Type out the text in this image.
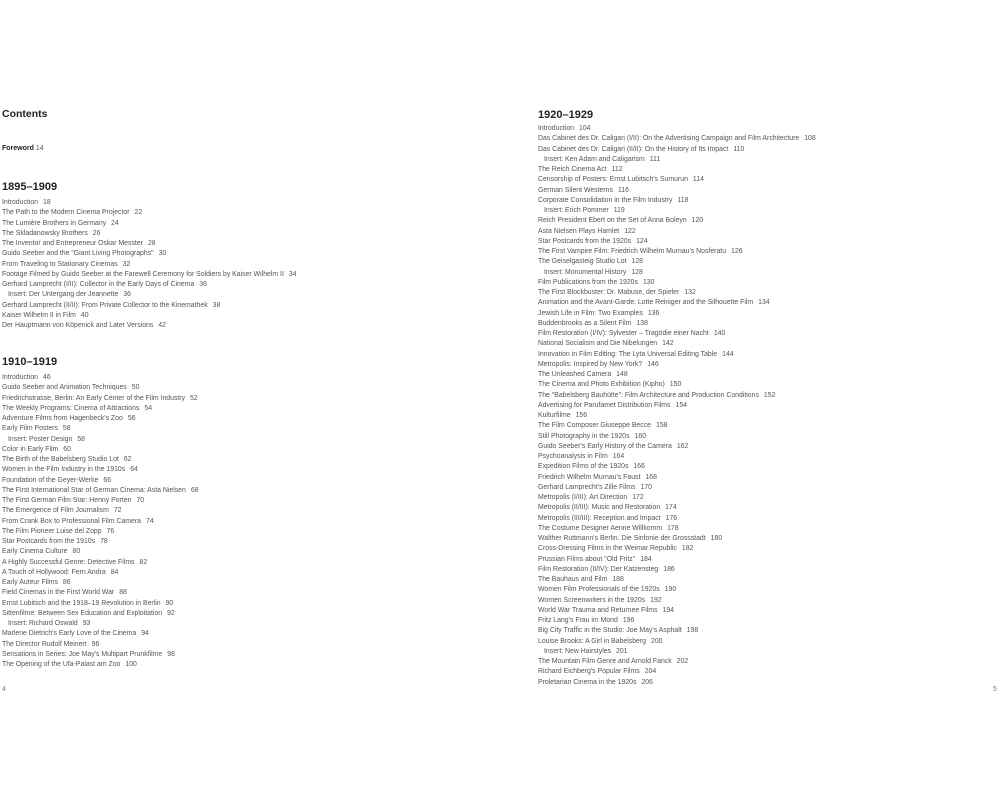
Contents
Foreword 14
1895–1909
Introduction 18
The Path to the Modern Cinema Projector 22
The Lumière Brothers in Germany 24
The Skladanowsky Brothers 26
The Inventor and Entrepreneur Oskar Messter 28
Guido Seeber and the "Giant Living Photographs" 30
From Traveling to Stationary Cinemas 32
Footage Filmed by Guido Seeber at the Farewell Ceremony for Soldiers by Kaiser Wilhelm II 34
Gerhard Lamprecht (I/II): Collector in the Early Days of Cinema 36
Insert: Der Untergang der Jeannette 36
Gerhard Lamprecht (II/II): From Private Collector to the Kinemathek 38
Kaiser Wilhelm II in Film 40
Der Hauptmann von Köpenick and Later Versions 42
1910–1919
Introduction 46
Guido Seeber and Animation Techniques 50
Friedrichstrasse, Berlin: An Early Center of the Film Industry 52
The Weekly Programs: Cinema of Attractions 54
Adventure Films from Hagenbeck's Zoo 56
Early Film Posters 58
Insert: Poster Design 58
Color in Early Film 60
The Birth of the Babelsberg Studio Lot 62
Women in the Film Industry in the 1910s 64
Foundation of the Geyer-Werke 66
The First International Star of German Cinema: Asta Nielsen 68
The First German Film Star: Henny Porten 70
The Emergence of Film Journalism 72
From Crank Box to Professional Film Camera 74
The Film Pioneer Luise del Zopp 76
Star Postcards from the 1910s 78
Early Cinema Culture 80
A Highly Successful Genre: Detective Films 82
A Touch of Hollywood: Fern Andra 84
Early Auteur Films 86
Field Cinemas in the First World War 88
Ernst Lubitsch and the 1918–19 Revolution in Berlin 90
Sittenfilme: Between Sex Education and Exploitation 92
Insert: Richard Oswald 93
Marlene Dietrich's Early Love of the Cinema 94
The Director Rudolf Meinert 96
Sensations in Series: Joe May's Multipart Prunkfilme 98
The Opening of the Ufa-Palast am Zoo 100
4
1920–1929
Introduction 104
Das Cabinet des Dr. Caligari (I/II): On the Advertising Campaign and Film Architecture 108
Das Cabinet des Dr. Caligari (II/II): On the History of Its Impact 110
Insert: Ken Adam and Caligarism 111
The Reich Cinema Act 112
Censorship of Posters: Ernst Lubitsch's Sumurun 114
German Silent Westerns 116
Corporate Consolidation in the Film Industry 118
Insert: Erich Pommer 119
Reich President Ebert on the Set of Anna Boleyn 120
Asta Nielsen Plays Hamlet 122
Star Postcards from the 1920s 124
The First Vampire Film: Friedrich Wilhelm Murnau's Nosferatu 126
The Geiselgasteig Studio Lot 128
Insert: Monumental History 128
Film Publications from the 1920s 130
The First Blockbuster: Dr. Mabuse, der Spieler 132
Animation and the Avant-Garde: Lotte Reiniger and the Silhouette Film 134
Jewish Life in Film: Two Examples 136
Buddenbrooks as a Silent Film 138
Film Restoration (I/IV): Sylvester – Tragödie einer Nacht 140
National Socialism and Die Nibelungen 142
Innovation in Film Editing: The Lyta Universal Editing Table 144
Metropolis: Inspired by New York? 146
The Unleashed Camera 148
The Cinema and Photo Exhibition (Kipho) 150
The "Babelsberg Bauhütte": Film Architecture and Production Conditions 152
Advertising for Parufamet Distribution Films 154
Kulturfilme 156
The Film Composer Giuseppe Becce 158
Still Photography in the 1920s 160
Guido Seeber's Early History of the Camera 162
Psychoanalysis in Film 164
Expedition Films of the 1920s 166
Friedrich Wilhelm Murnau's Faust 168
Gerhard Lamprecht's Zille Films 170
Metropolis (I/III): Art Direction 172
Metropolis (II/III): Music and Restoration 174
Metropolis (III/III): Reception and Impact 176
The Costume Designer Aenne Willkomm 178
Walther Ruttmann's Berlin. Die Sinfonie der Grossstadt 180
Cross-Dressing Films in the Weimar Republic 182
Prussian Films about "Old Fritz" 184
Film Restoration (II/IV): Der Katzensteg 186
The Bauhaus and Film 188
Women Film Professionals of the 1920s 190
Women Screenwriters in the 1920s 192
World War Trauma and Returnee Films 194
Fritz Lang's Frau im Mond 196
Big City Traffic in the Studio: Joe May's Asphalt 198
Louise Brooks: A Girl in Babelsberg 200
Insert: New Hairstyles 201
The Mountain Film Genre and Arnold Fanck 202
Richard Eichberg's Popular Films 204
Proletarian Cinema in the 1920s 206
5
